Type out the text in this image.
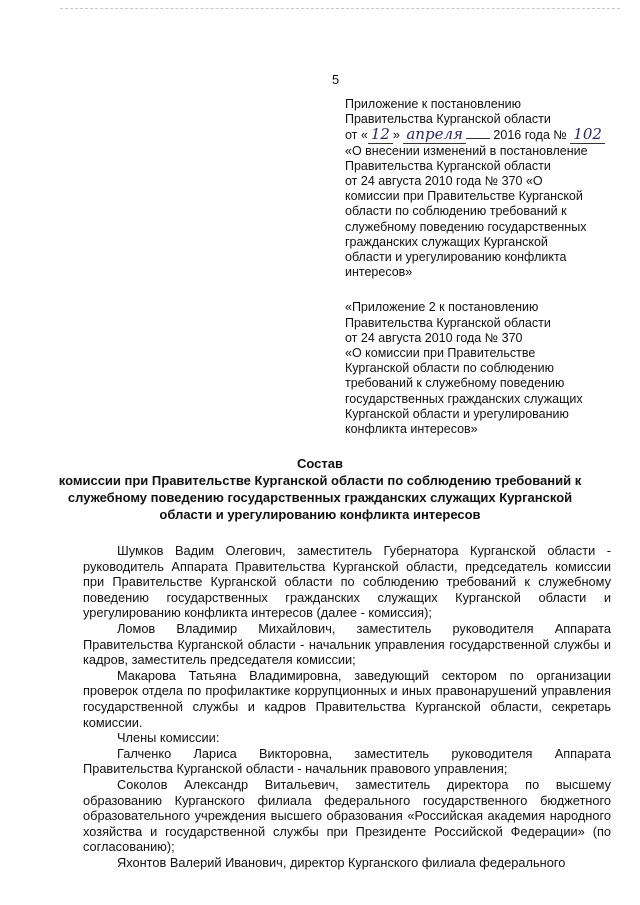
5

Приложение к постановлению

Правительства Курганской области

от « 12 » апреля 2016 года № 102

«О внесении изменений в постановление

Правительства Курганской области

от 24 августа 2010 года № 370 «О

комиссии при Правительстве Курганской

области по соблюдению требований к

служебному поведению государственных

гражданских служащих Курганской

области и урегулированию конфликта

интересов»

«Приложение 2 к постановлению

Правительства Курганской области

от 24 августа 2010 года № 370

«О комиссии при Правительстве

Курганской области по соблюдению

требований к служебному поведению

государственных гражданских служащих

Курганской области и урегулированию

конфликта интересов»

Состав

комиссии при Правительстве Курганской области по соблюдению требований к

служебному поведению государственных гражданских служащих Курганской

области и урегулированию конфликта интересов

Шумков Вадим Олегович, заместитель Губернатора Курганской области - руководитель Аппарата Правительства Курганской области, председатель комиссии при Правительстве Курганской области по соблюдению требований к служебному поведению государственных гражданских служащих Курганской области и урегулированию конфликта интересов (далее - комиссия);

Ломов Владимир Михайлович, заместитель руководителя Аппарата Правительства Курганской области - начальник управления государственной службы и кадров, заместитель председателя комиссии;

Макарова Татьяна Владимировна, заведующий сектором по организации проверок отдела по профилактике коррупционных и иных правонарушений управления государственной службы и кадров Правительства Курганской области, секретарь комиссии.

Члены комиссии:

Галченко Лариса Викторовна, заместитель руководителя Аппарата Правительства Курганской области - начальник правового управления;

Соколов Александр Витальевич, заместитель директора по высшему образованию Курганского филиала федерального государственного бюджетного образовательного учреждения высшего образования «Российская академия народного хозяйства и государственной службы при Президенте Российской Федерации» (по согласованию);

Яхонтов Валерий Иванович, директор Курганского филиала федерального
